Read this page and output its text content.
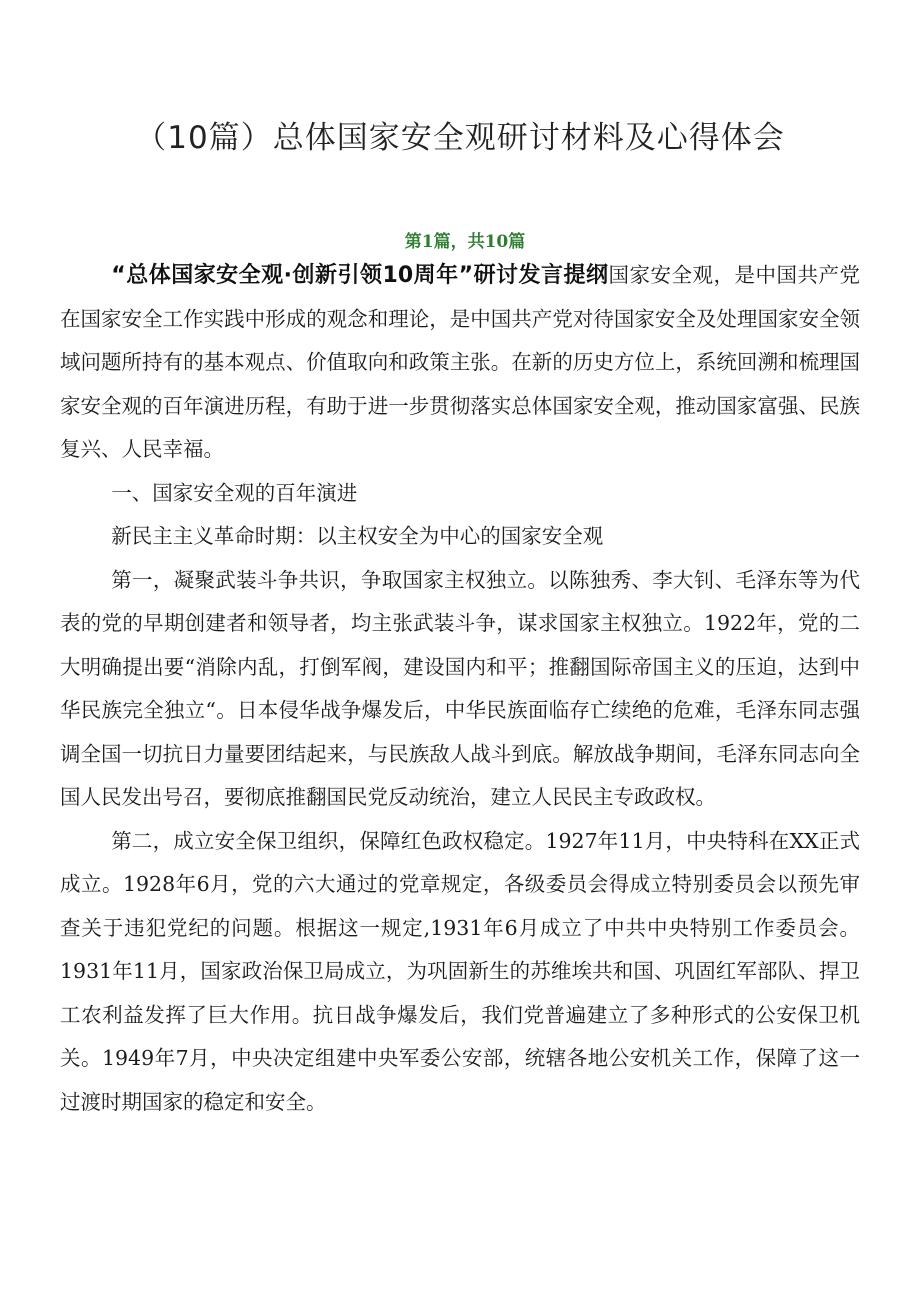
（10篇）总体国家安全观研讨材料及心得体会
第1篇，共10篇

“总体国家安全观·创新引领10周年”研讨发言提纲国家安全观，是中国共产党在国家安全工作实践中形成的观念和理论，是中国共产党对待国家安全及处理国家安全领域问题所持有的基本观点、价值取向和政策主张。在新的历史方位上，系统回溯和梳理国家安全观的百年演进历程，有助于进一步贯彻落实总体国家安全观，推动国家富强、民族复兴、人民幸福。

一、国家安全观的百年演进

新民主主义革命时期：以主权安全为中心的国家安全观

第一，凝聚武装斗争共识，争取国家主权独立。以陈独秀、李大钊、毛泽东等为代表的党的早期创建者和领导者，均主张武装斗争，谋求国家主权独立。1922年，党的二大明确提出要“消除内乱，打倒军阀，建设国内和平；推翻国际帝国主义的压迫，达到中华民族完全独立“。日本侵华战争爆发后，中华民族面临存亡续绝的危难，毛泽东同志强调全国一切抗日力量要团结起来，与民族敌人战斗到底。解放战争期间，毛泽东同志向全国人民发出号召，要彻底推翻国民党反动统治，建立人民民主专政政权。

第二，成立安全保卫组织，保障红色政权稳定。1927年11月，中央特科在XX正式成立。1928年6月，党的六大通过的党章规定，各级委员会得成立特别委员会以预先审查关于违犯党纪的问题。根据这一规定,1931年6月成立了中共中央特别工作委员会。1931年11月，国家政治保卫局成立，为巩固新生的苏维埃共和国、巩固红军部队、捍卫工农利益发挥了巨大作用。抗日战争爆发后，我们党普遍建立了多种形式的公安保卫机关。1949年7月，中央决定组建中央军委公安部，统辖各地公安机关工作，保障了这一过渡时期国家的稳定和安全。
